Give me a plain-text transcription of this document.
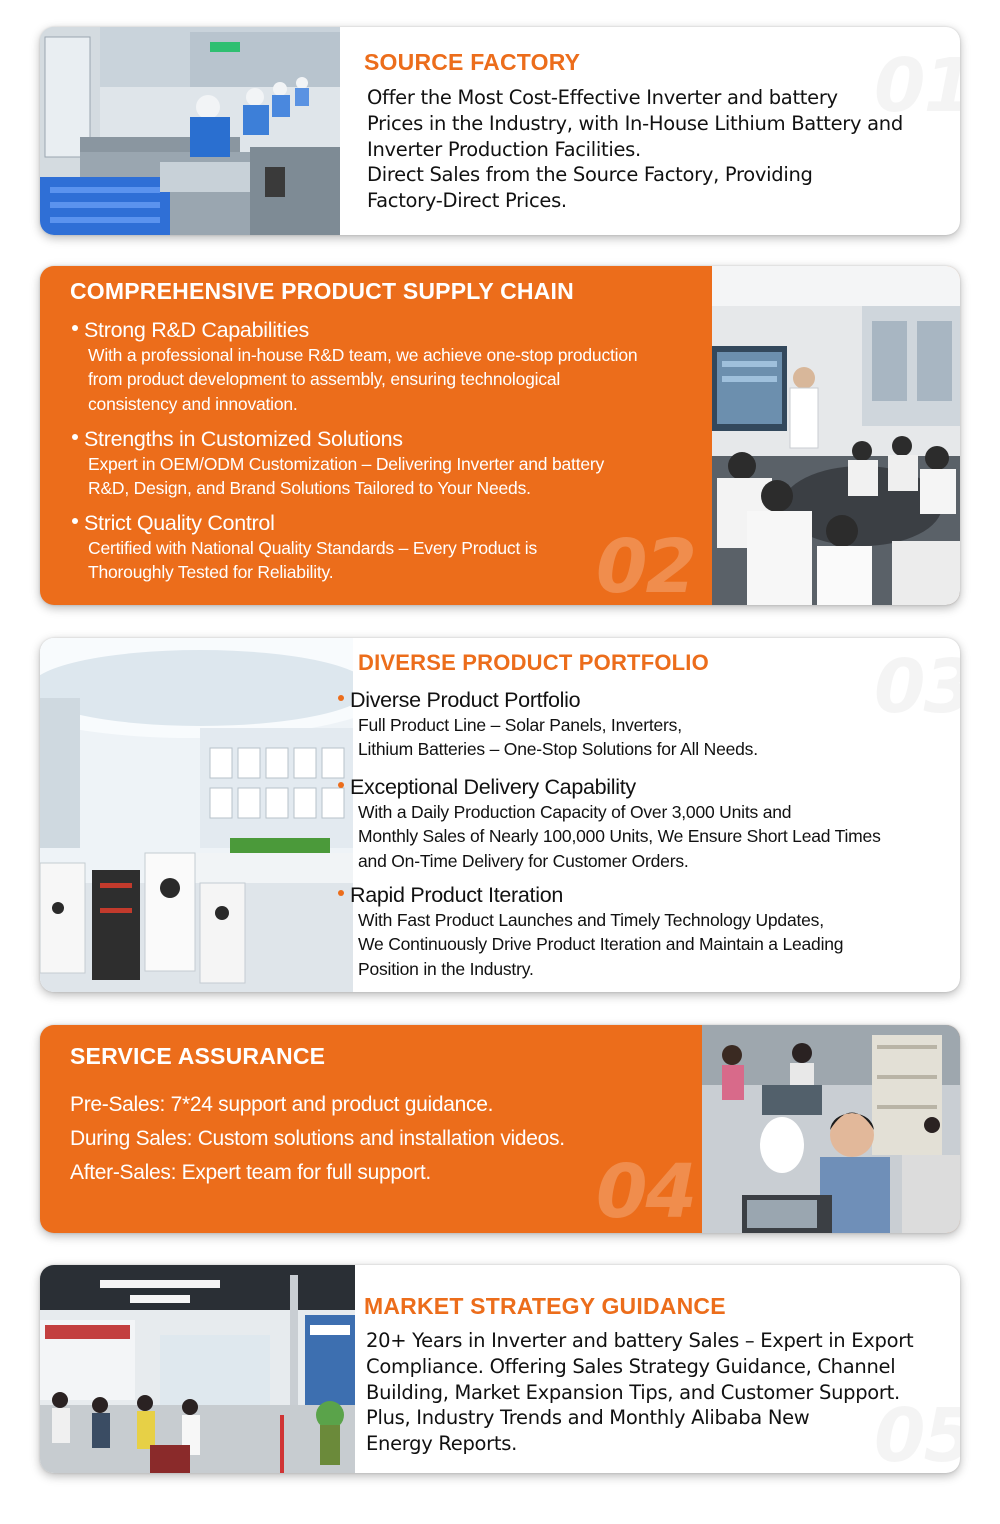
SOURCE FACTORY
Offer the Most Cost-Effective Inverter and battery
Prices in the Industry, with In-House Lithium Battery and
Inverter Production Facilities.
Direct Sales from the Source Factory, Providing
Factory-Direct Prices.
02
COMPREHENSIVE PRODUCT SUPPLY CHAIN
Strong R&D Capabilities
With a professional in-house R&D team, we achieve one-stop production
from product development to assembly, ensuring technological
consistency and innovation.
Strengths in Customized Solutions
Expert in OEM/ODM Customization – Delivering Inverter and battery
R&D, Design, and Brand Solutions Tailored to Your Needs.
Strict Quality Control
Certified with National Quality Standards – Every Product is
Thoroughly Tested for Reliability.
DIVERSE PRODUCT PORTFOLIO
Diverse Product Portfolio
Full Product Line – Solar Panels, Inverters,
Lithium Batteries – One-Stop Solutions for All Needs.
Exceptional Delivery Capability
With a Daily Production Capacity of Over 3,000 Units and
Monthly Sales of Nearly 100,000 Units, We Ensure Short Lead Times
and On-Time Delivery for Customer Orders.
Rapid Product Iteration
With Fast Product Launches and Timely Technology Updates,
We Continuously Drive Product Iteration and Maintain a Leading
Position in the Industry.
04
SERVICE ASSURANCE
Pre-Sales: 7*24 support and product guidance.
During Sales: Custom solutions and installation videos.
After-Sales: Expert team for full support.
MARKET STRATEGY GUIDANCE
20+ Years in Inverter and battery Sales – Expert in Export
Compliance. Offering Sales Strategy Guidance, Channel
Building, Market Expansion Tips, and Customer Support.
Plus, Industry Trends and Monthly Alibaba New
Energy Reports.
